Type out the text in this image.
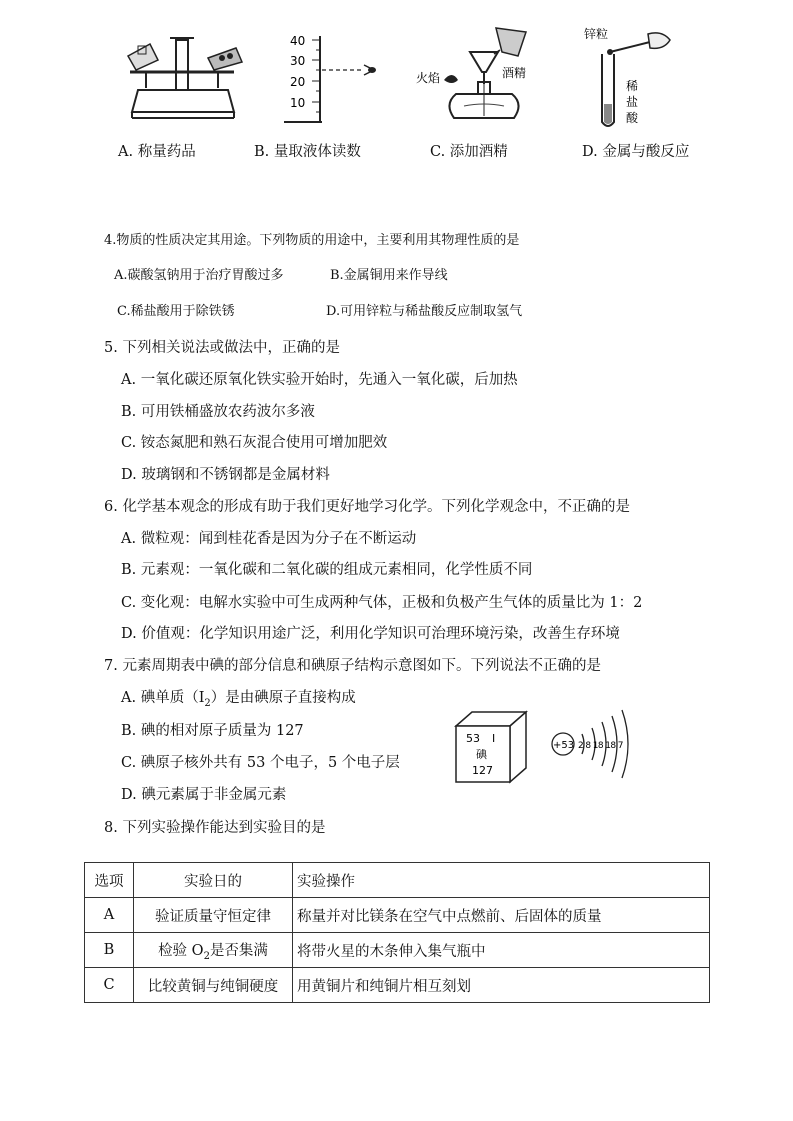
40
30
20
10
火焰	酒精
锌粒
稀
盐
酸
A. 称量药品	B. 量取液体读数	C. 添加酒精	D. 金属与酸反应
4.物质的性质决定其用途。下列物质的用途中，主要利用其物理性质的是
A.碳酸氢钠用于治疗胃酸过多	B.金属铜用来作导线
C.稀盐酸用于除铁锈	D.可用锌粒与稀盐酸反应制取氢气
5. 下列相关说法或做法中，正确的是
A. 一氧化碳还原氧化铁实验开始时，先通入一氧化碳，后加热
B. 可用铁桶盛放农药波尔多液
C. 铵态氮肥和熟石灰混合使用可增加肥效
D. 玻璃钢和不锈钢都是金属材料
6. 化学基本观念的形成有助于我们更好地学习化学。下列化学观念中，不正确的是
A. 微粒观：闻到桂花香是因为分子在不断运动
B. 元素观：一氧化碳和二氧化碳的组成元素相同，化学性质不同
C. 变化观：电解水实验中可生成两种气体，正极和负极产生气体的质量比为 1：2
D. 价值观：化学知识用途广泛，利用化学知识可治理环境污染，改善生存环境
7. 元素周期表中碘的部分信息和碘原子结构示意图如下。下列说法不正确的是
A. 碘单质$(I_2)$是由碘原子直接构成
B. 碘的相对原子质量为 127
C. 碘原子核外共有 53 个电子，5 个电子层
D. 碘元素属于非金属元素
53 I
碘
127
+53 2 8 18 18 7
8. 下列实验操作能达到实验目的是
选项	实验日的	实验操作
A	验证质量守恒定律	称量并对比镁条在空气中点燃前、后固体的质量
B	检验 $O_2$是否集满	将带火星的木条伸入集气瓶中
C	比较黄铜与纯铜硬度	用黄铜片和纯铜片相互刻划
